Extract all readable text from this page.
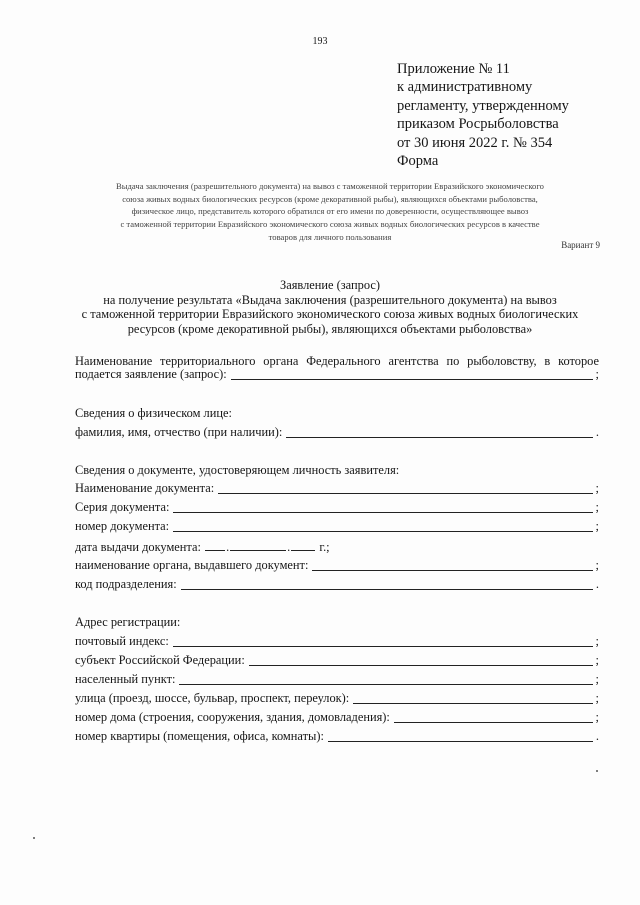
193
Приложение № 11
к административному
регламенту, утвержденному
приказом Росрыболовства
от 30 июня 2022 г. № 354
Форма
Выдача заключения (разрешительного документа) на вывоз с таможенной территории Евразийского экономического
союза живых водных биологических ресурсов (кроме декоративной рыбы), являющихся объектами рыболовства,
физическое лицо, представитель которого обратился от его имени по доверенности, осуществляющее вывоз
с таможенной территории Евразийского экономического союза живых водных биологических ресурсов в качестве
товаров для личного пользования
Вариант 9
Заявление (запрос)
на получение результата «Выдача заключения (разрешительного документа) на вывоз
с таможенной территории Евразийского экономического союза живых водных биологических
ресурсов (кроме декоративной рыбы), являющихся объектами рыболовства»
Наименование территориального органа Федерального агентства по рыболовству, в которое
подается заявление (запрос):	;
Сведения о физическом лице:
фамилия, имя, отчество (при наличии):	.
Сведения о документе, удостоверяющем личность заявителя:
Наименование документа:	;
Серия документа:	;
номер документа:	;
дата выдачи документа: .	. г.;
наименование органа, выдавшего документ:	;
код подразделения:	.
Адрес регистрации:
почтовый индекс:	;
субъект Российской Федерации:	;
населенный пункт:	;
улица (проезд, шоссе, бульвар, проспект, переулок):	;
номер дома (строения, сооружения, здания, домовладения):	;
номер квартиры (помещения, офиса, комнаты):	.
